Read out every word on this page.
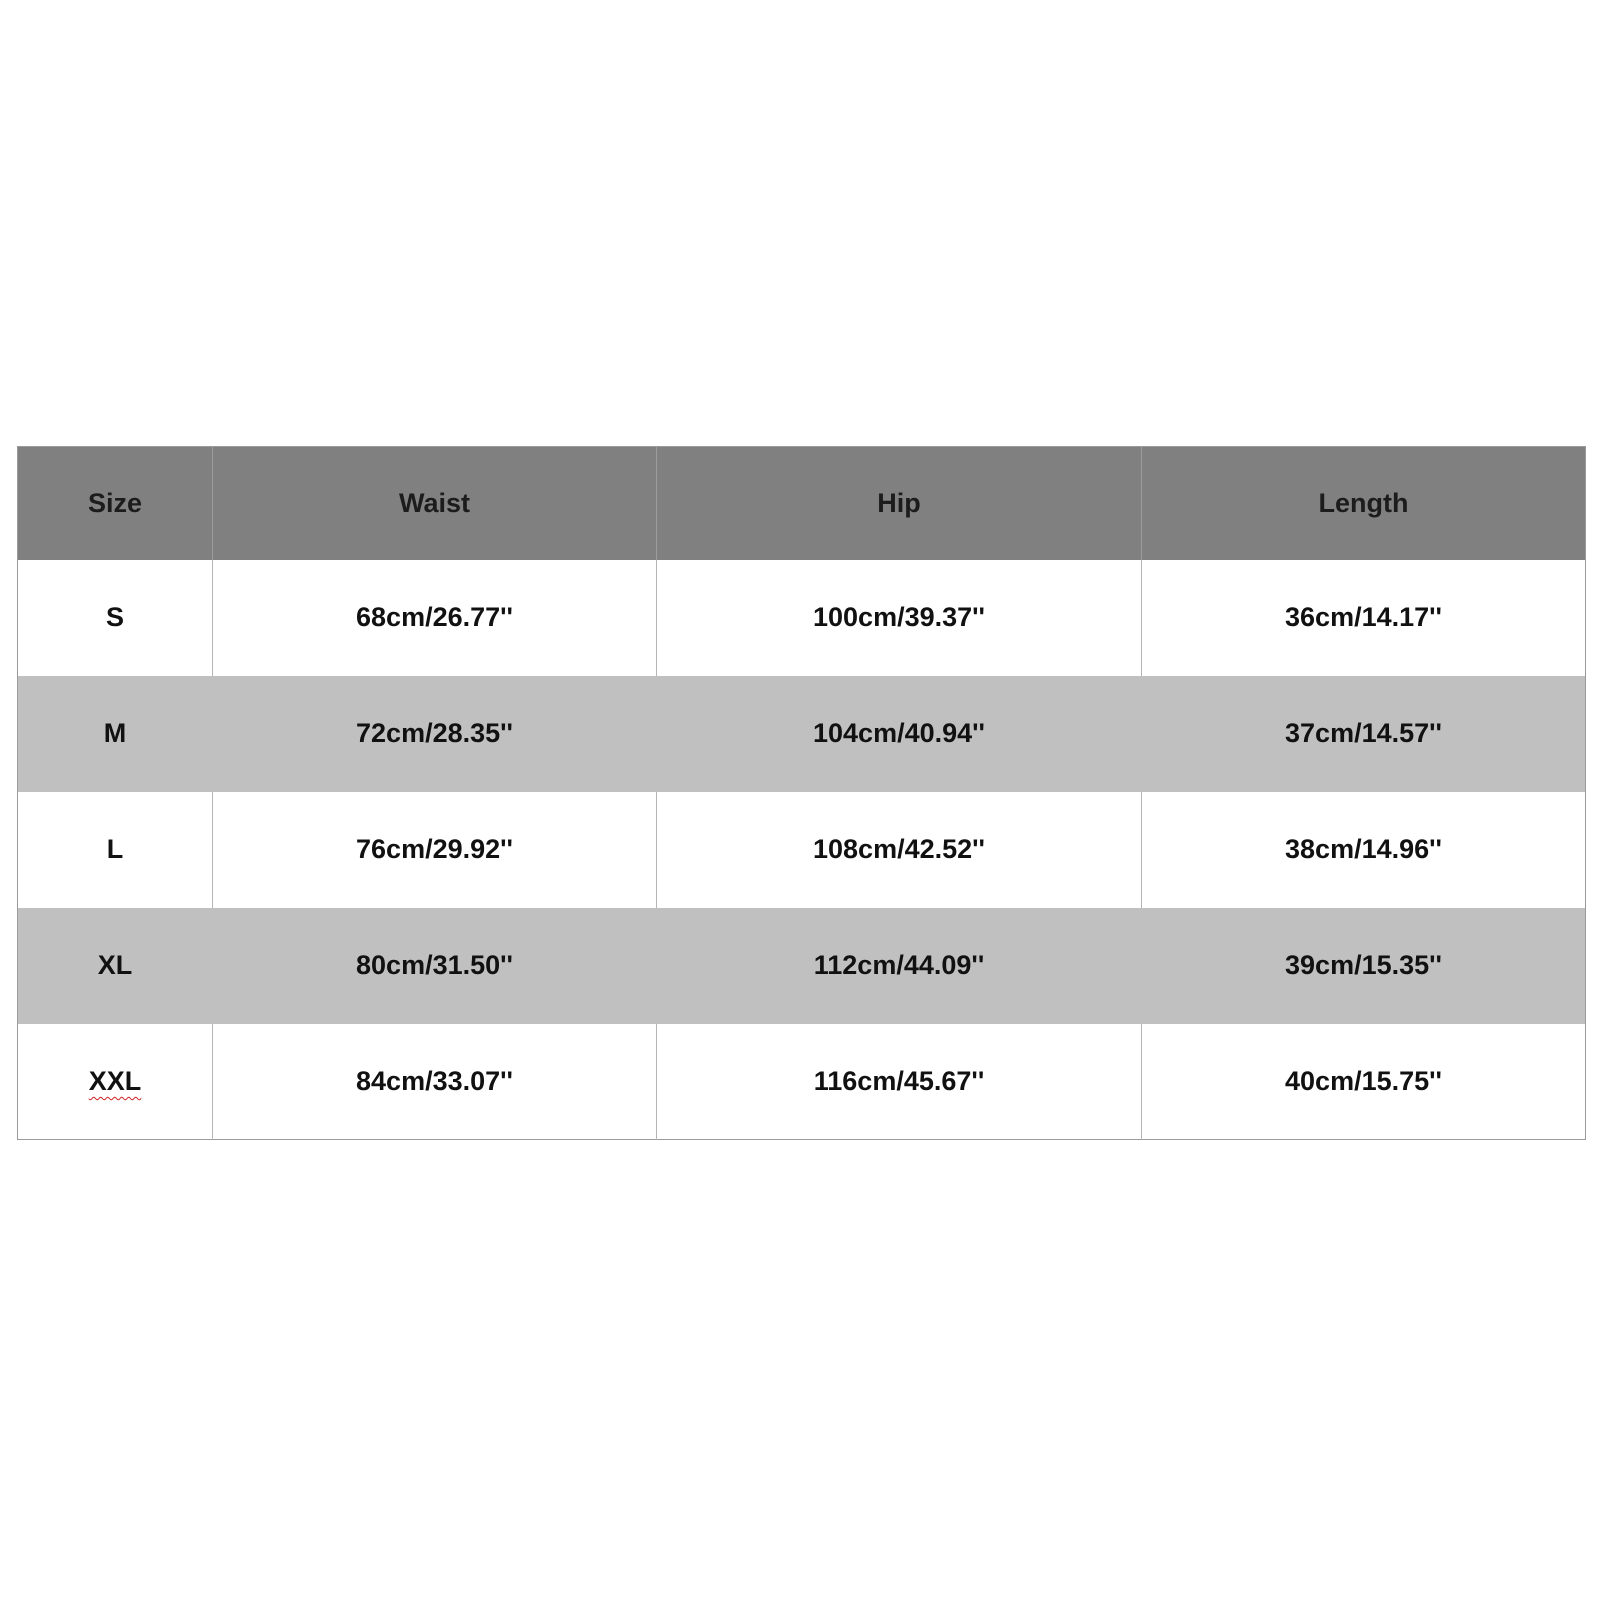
Size	Waist	Hip	Length
S	68cm/26.77''	100cm/39.37''	36cm/14.17''
M	72cm/28.35''	104cm/40.94''	37cm/14.57''
L	76cm/29.92''	108cm/42.52''	38cm/14.96''
XL	80cm/31.50''	112cm/44.09''	39cm/15.35''
XXL	84cm/33.07''	116cm/45.67''	40cm/15.75''
